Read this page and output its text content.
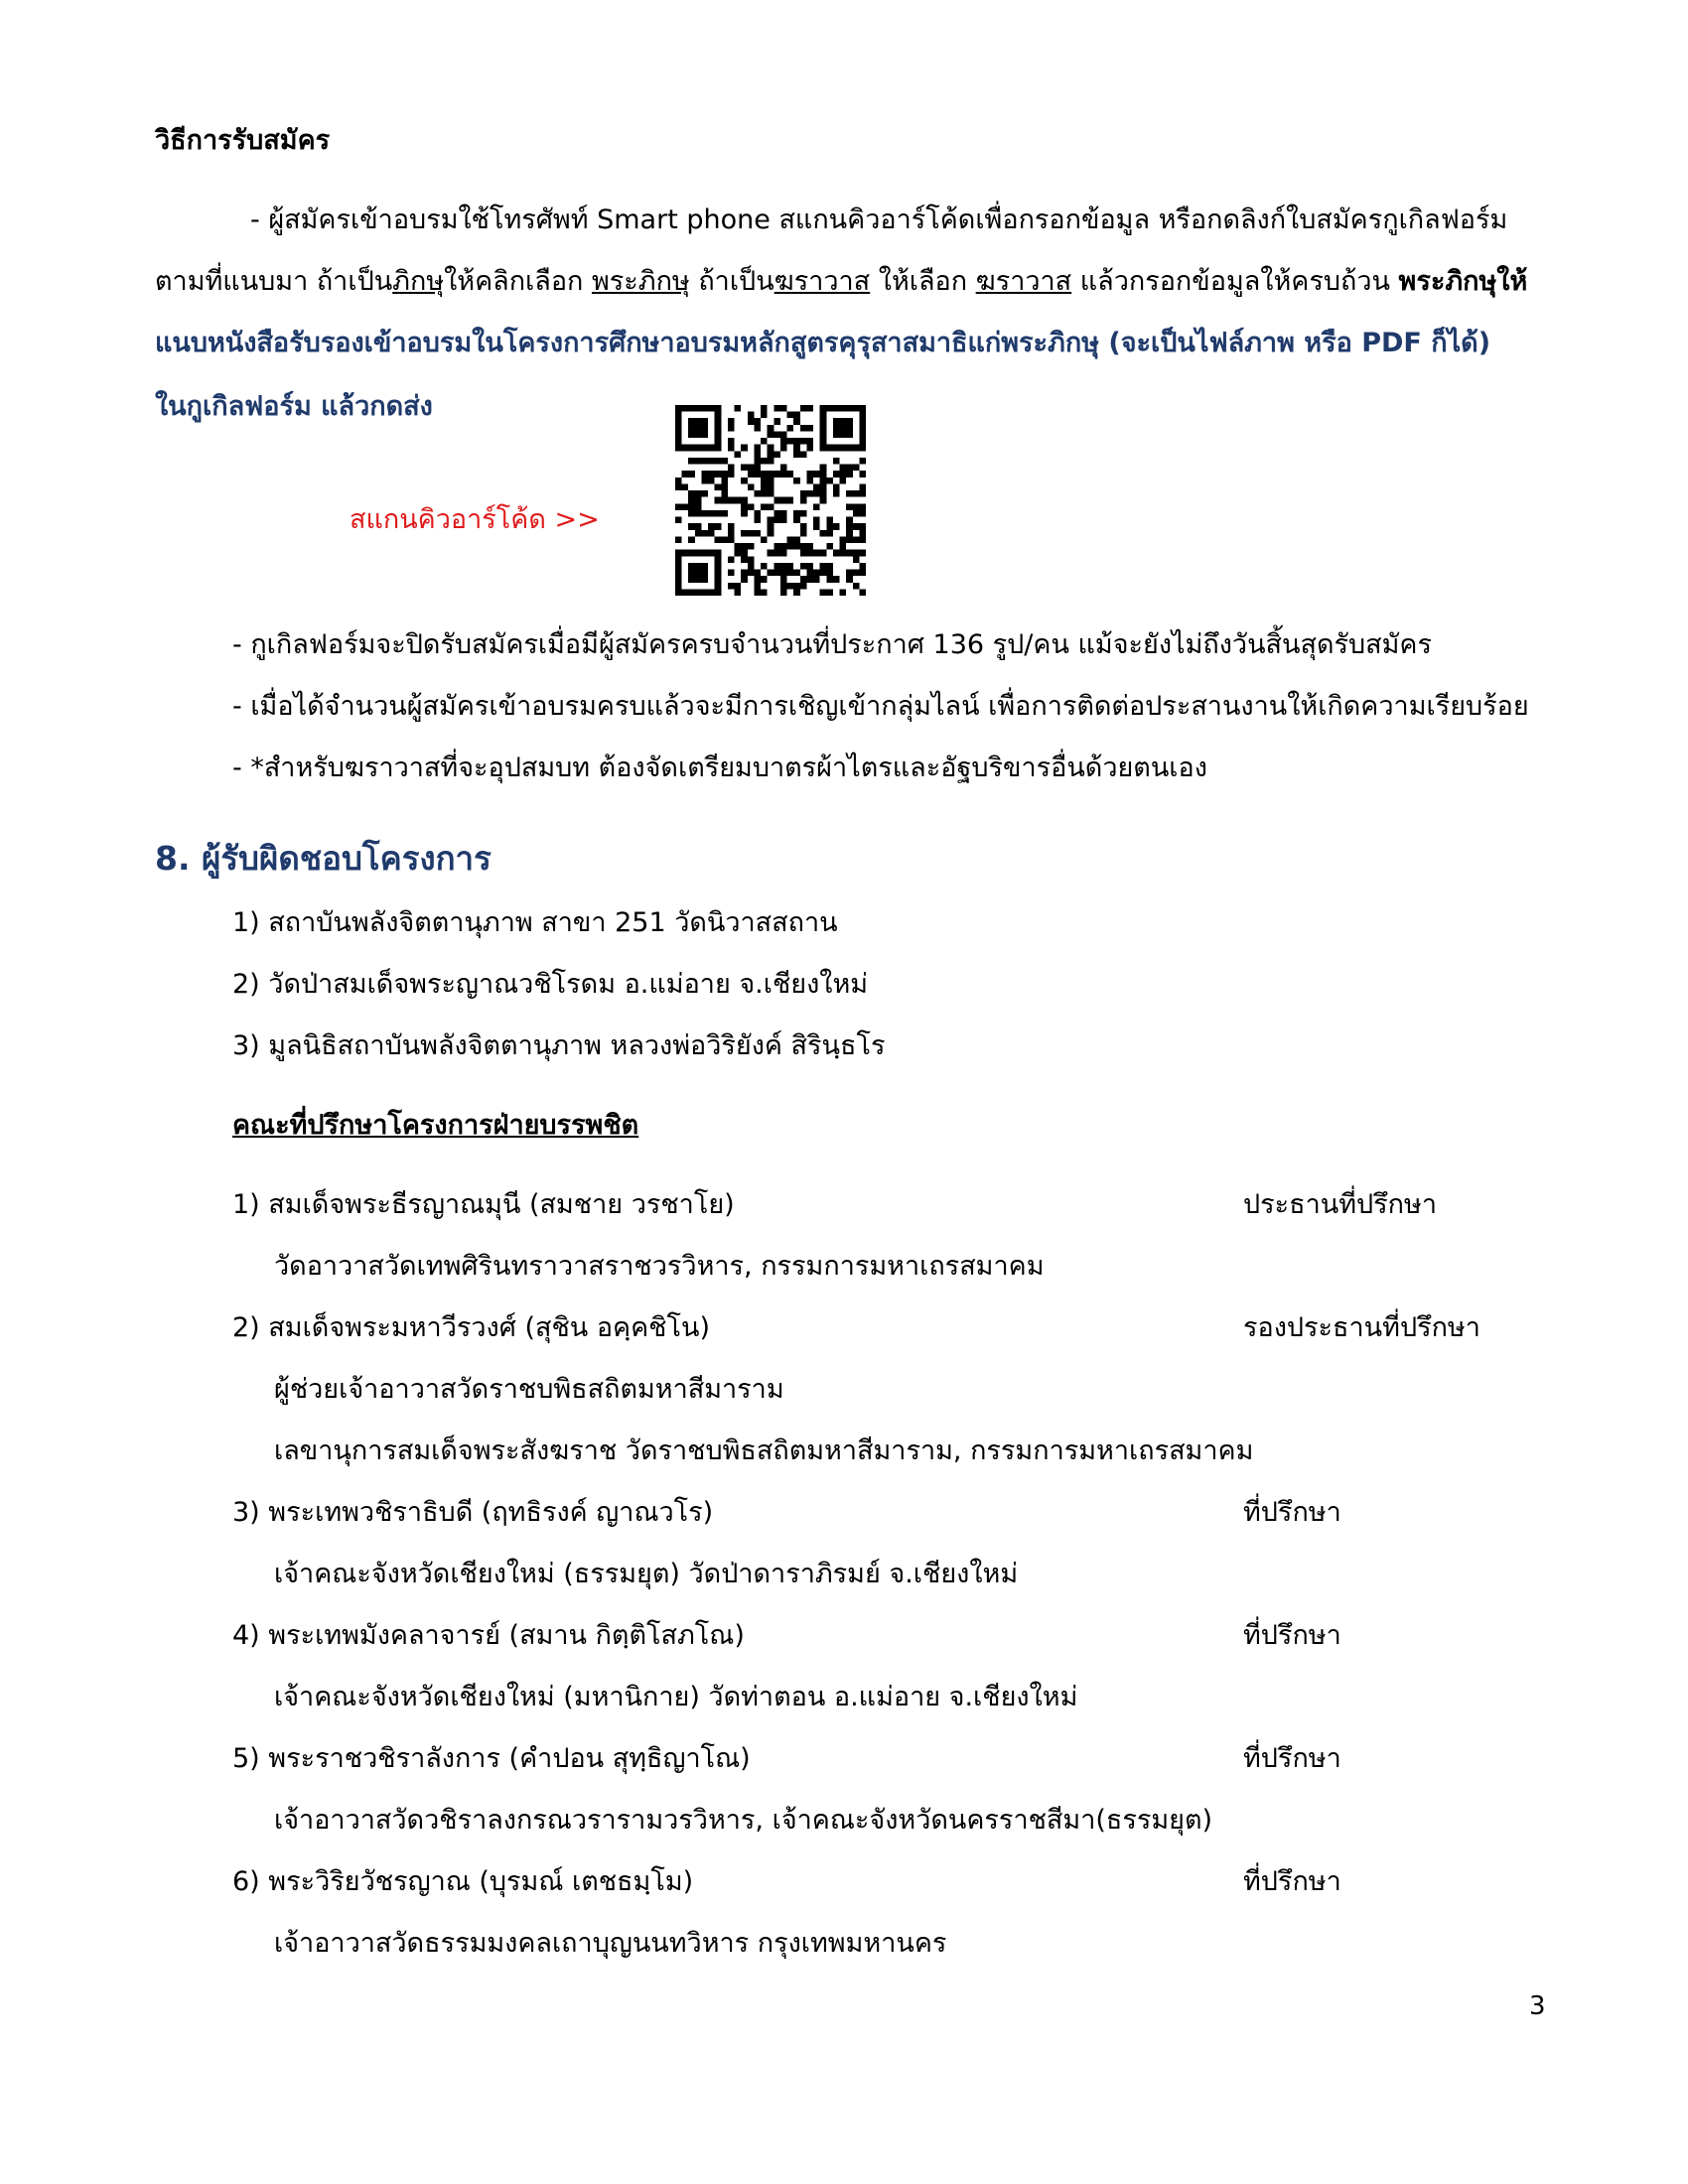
วิธีการรับสมัคร
- ผู้สมัครเข้าอบรมใช้โทรศัพท์ Smart phone สแกนคิวอาร์โค้ดเพื่อกรอกข้อมูล หรือกดลิงก์ใบสมัครกูเกิลฟอร์ม
ตามที่แนบมา ถ้าเป็นภิกษุให้คลิกเลือก พระภิกษุ ถ้าเป็นฆราวาส ให้เลือก ฆราวาส แล้วกรอกข้อมูลให้ครบถ้วน พระภิกษุให้
แนบหนังสือรับรองเข้าอบรมในโครงการศึกษาอบรมหลักสูตรคุรุสาสมาธิแก่พระภิกษุ (จะเป็นไฟล์ภาพ หรือ PDF ก็ได้)
ในกูเกิลฟอร์ม แล้วกดส่ง
สแกนคิวอาร์โค้ด >>
- กูเกิลฟอร์มจะปิดรับสมัครเมื่อมีผู้สมัครครบจำนวนที่ประกาศ 136 รูป/คน แม้จะยังไม่ถึงวันสิ้นสุดรับสมัคร
- เมื่อได้จำนวนผู้สมัครเข้าอบรมครบแล้วจะมีการเชิญเข้ากลุ่มไลน์ เพื่อการติดต่อประสานงานให้เกิดความเรียบร้อย
- *สำหรับฆราวาสที่จะอุปสมบท ต้องจัดเตรียมบาตรผ้าไตรและอัฐบริขารอื่นด้วยตนเอง
8. ผู้รับผิดชอบโครงการ
1) สถาบันพลังจิตตานุภาพ สาขา 251 วัดนิวาสสถาน
2) วัดป่าสมเด็จพระญาณวชิโรดม อ.แม่อาย จ.เชียงใหม่
3) มูลนิธิสถาบันพลังจิตตานุภาพ หลวงพ่อวิริยังค์ สิรินฺธโร
คณะที่ปรึกษาโครงการฝ่ายบรรพชิต
1) สมเด็จพระธีรญาณมุนี (สมชาย วรชาโย)	ประธานที่ปรึกษา
วัดอาวาสวัดเทพศิรินทราวาสราชวรวิหาร, กรรมการมหาเถรสมาคม
2) สมเด็จพระมหาวีรวงศ์ (สุชิน อคฺคชิโน)	รองประธานที่ปรึกษา
ผู้ช่วยเจ้าอาวาสวัดราชบพิธสถิตมหาสีมาราม
เลขานุการสมเด็จพระสังฆราช วัดราชบพิธสถิตมหาสีมาราม, กรรมการมหาเถรสมาคม
3) พระเทพวชิราธิบดี (ฤทธิรงค์ ญาณวโร)	ที่ปรึกษา
เจ้าคณะจังหวัดเชียงใหม่ (ธรรมยุต) วัดป่าดาราภิรมย์ จ.เชียงใหม่
4) พระเทพมังคลาจารย์ (สมาน กิตฺติโสภโณ)	ที่ปรึกษา
เจ้าคณะจังหวัดเชียงใหม่ (มหานิกาย) วัดท่าตอน อ.แม่อาย จ.เชียงใหม่
5) พระราชวชิราลังการ (คำปอน สุทฺธิญาโณ)	ที่ปรึกษา
เจ้าอาวาสวัดวชิราลงกรณวรารามวรวิหาร, เจ้าคณะจังหวัดนครราชสีมา(ธรรมยุต)
6) พระวิริยวัชรญาณ (บุรมณ์ เตชธมฺโม)	ที่ปรึกษา
เจ้าอาวาสวัดธรรมมงคลเถาบุญนนทวิหาร กรุงเทพมหานคร
3
